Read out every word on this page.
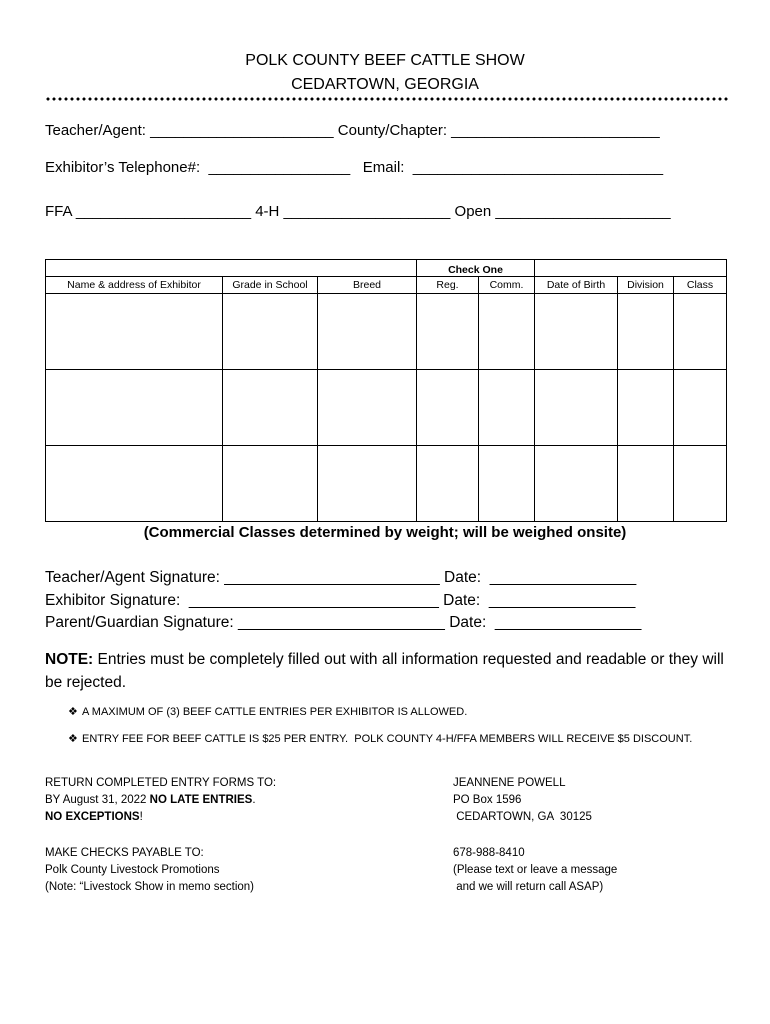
POLK COUNTY BEEF CATTLE SHOW
CEDARTOWN, GEORGIA
Teacher/Agent: ______________________ County/Chapter: _________________________
Exhibitor’s Telephone#:  _________________   Email:  ______________________________
FFA _____________________ 4-H ____________________ Open _____________________
			Check One				
Name & address of Exhibitor	Grade in School	Breed	Reg.	Comm.	Date of Birth	Division	Class

(Commercial Classes determined by weight; will be weighed onsite)
Teacher/Agent Signature: _________________________ Date:  _________________
Exhibitor Signature:  _____________________________ Date:  _________________
Parent/Guardian Signature: ________________________ Date:  _________________
NOTE: Entries must be completely filled out with all information requested and readable or they will be rejected.
❖ A MAXIMUM OF (3) BEEF CATTLE ENTRIES PER EXHIBITOR IS ALLOWED.
❖ ENTRY FEE FOR BEEF CATTLE IS $25 PER ENTRY.  POLK COUNTY 4-H/FFA MEMBERS WILL RECEIVE $5 DISCOUNT.
RETURN COMPLETED ENTRY FORMS TO:
BY August 31, 2022 NO LATE ENTRIES.
NO EXCEPTIONS!
JEANNENE POWELL
PO Box 1596
CEDARTOWN, GA  30125
MAKE CHECKS PAYABLE TO:
Polk County Livestock Promotions
(Note: “Livestock Show in memo section)
678-988-8410
(Please text or leave a message
and we will return call ASAP)
